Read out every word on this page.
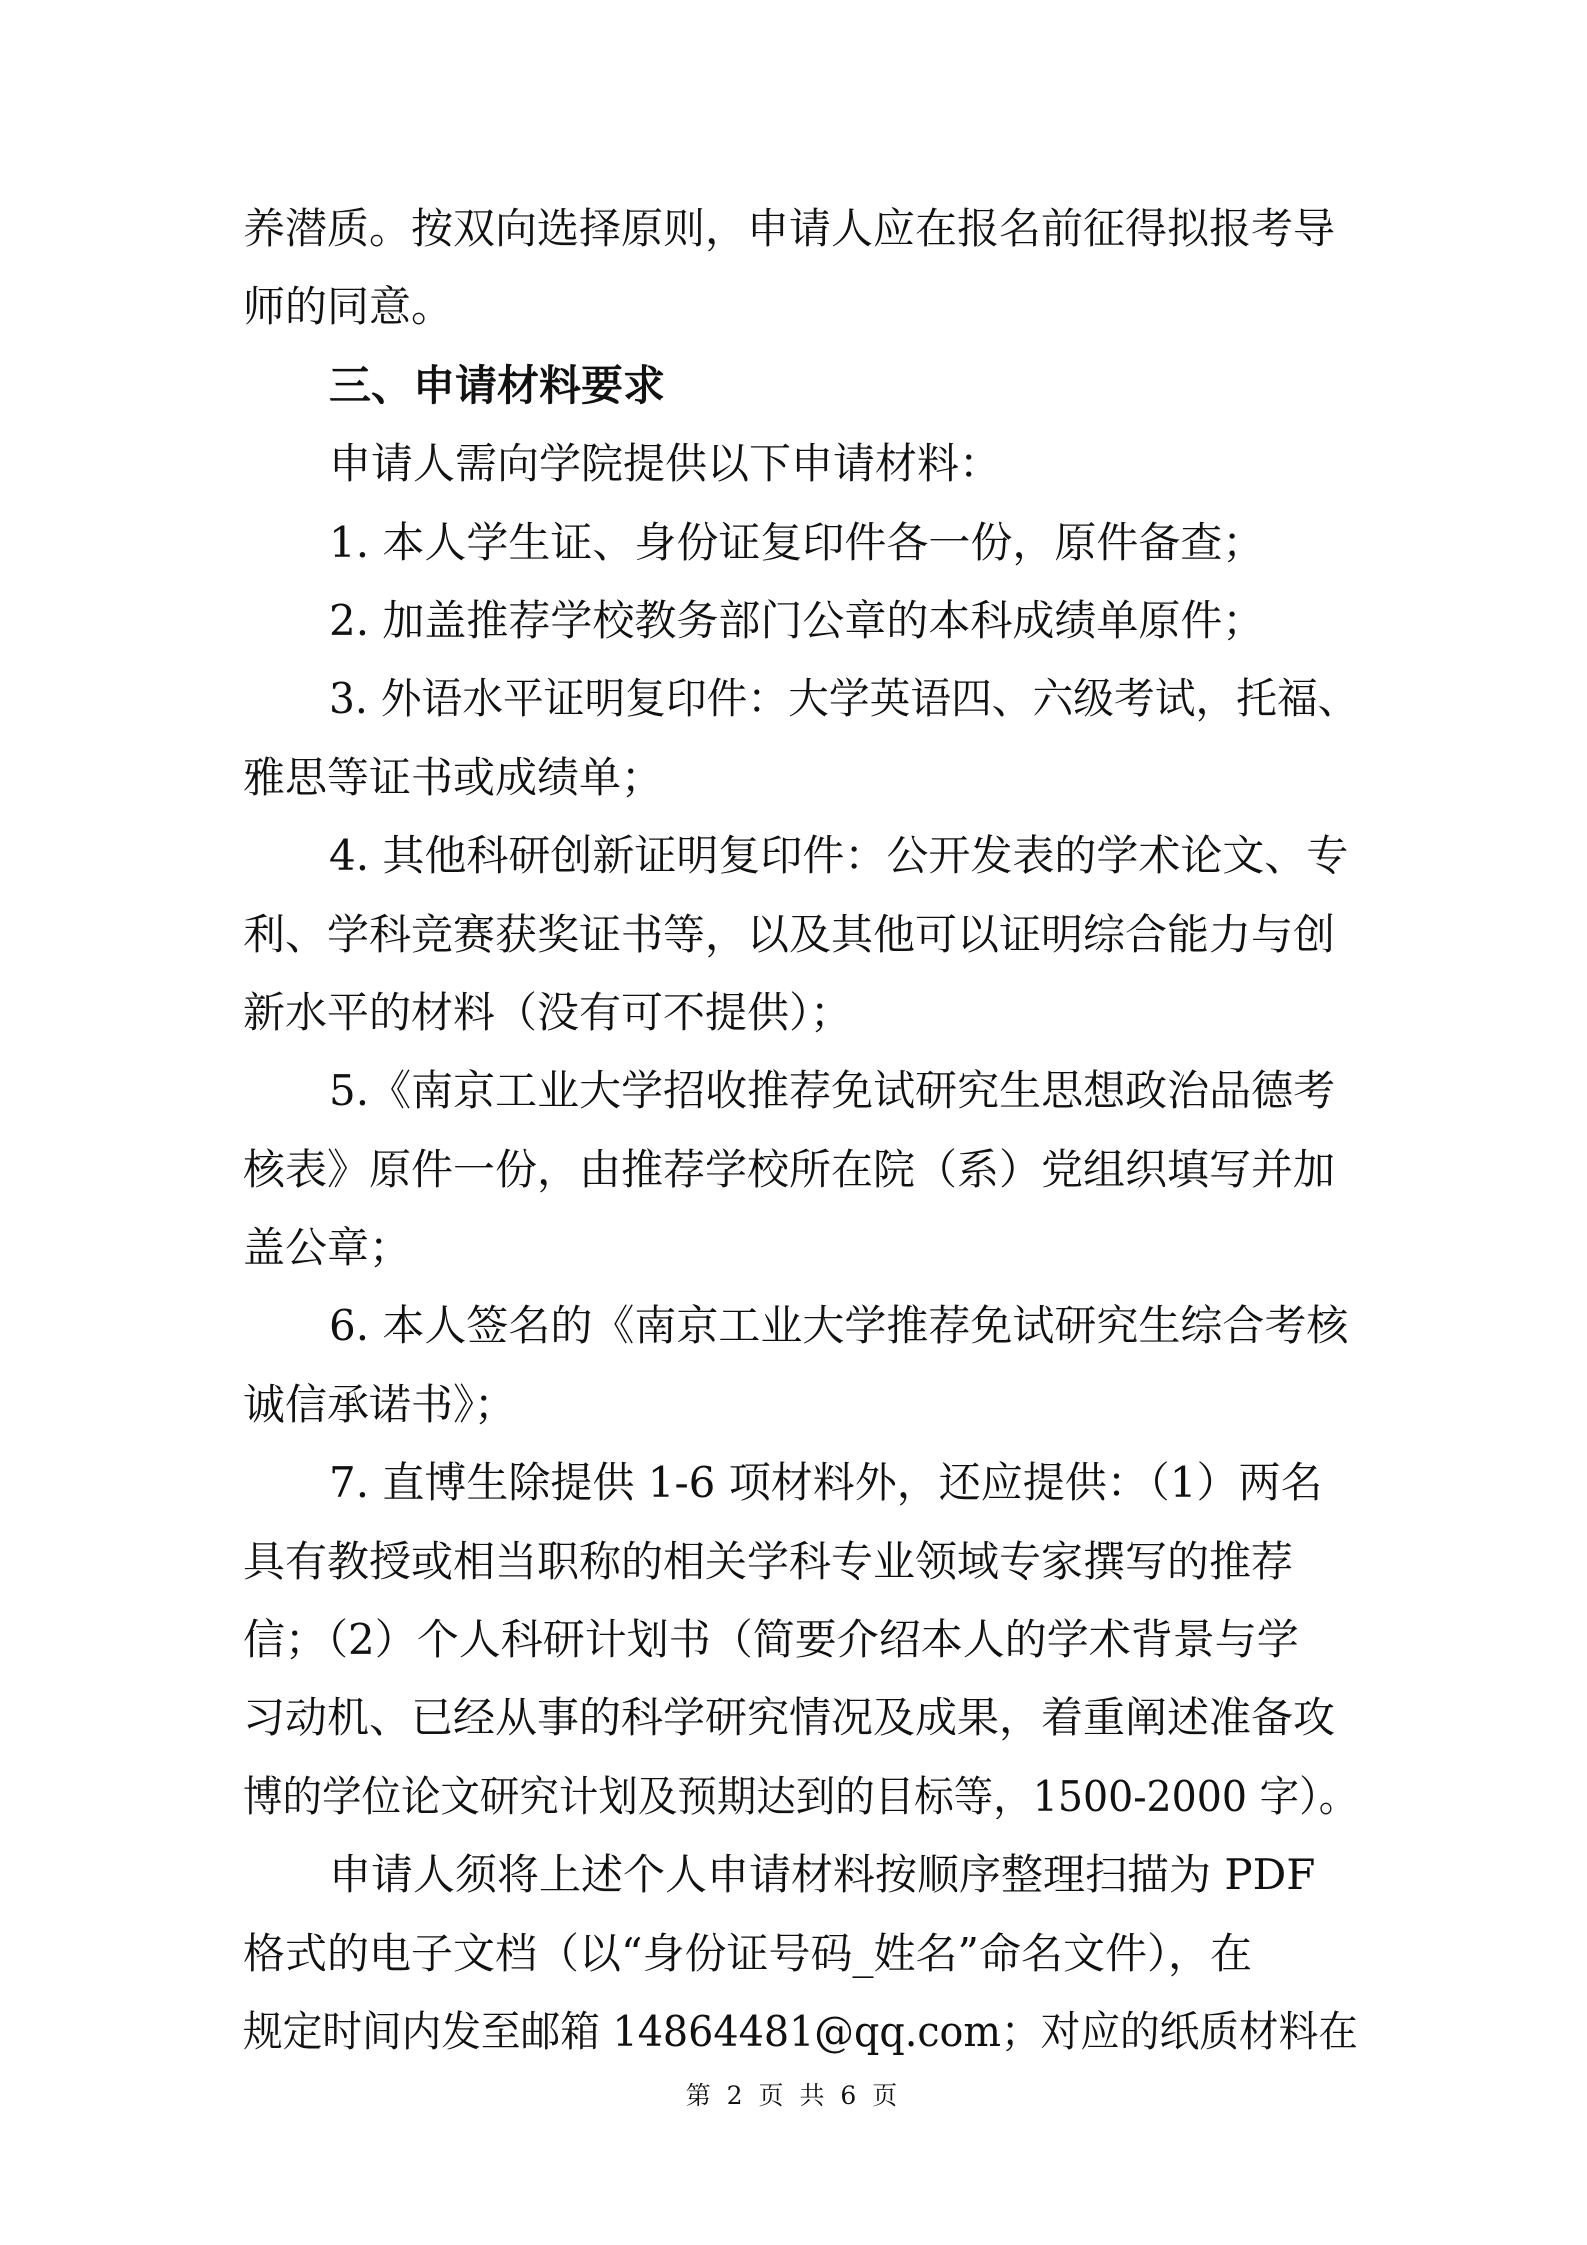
养潜质。按双向选择原则，申请人应在报名前征得拟报考导
师的同意。
三、申请材料要求
申请人需向学院提供以下申请材料：
1. 本人学生证、身份证复印件各一份，原件备查；
2. 加盖推荐学校教务部门公章的本科成绩单原件；
3. 外语水平证明复印件：大学英语四、六级考试，托福、
雅思等证书或成绩单；
4. 其他科研创新证明复印件：公开发表的学术论文、专
利、学科竞赛获奖证书等，以及其他可以证明综合能力与创
新水平的材料（没有可不提供）；
5.《南京工业大学招收推荐免试研究生思想政治品德考
核表》原件一份，由推荐学校所在院（系）党组织填写并加
盖公章；
6. 本人签名的《南京工业大学推荐免试研究生综合考核
诚信承诺书》；
7. 直博生除提供 1-6 项材料外，还应提供：（1）两名
具有教授或相当职称的相关学科专业领域专家撰写的推荐
信；（2）个人科研计划书（简要介绍本人的学术背景与学
习动机、已经从事的科学研究情况及成果，着重阐述准备攻
博的学位论文研究计划及预期达到的目标等，1500-2000 字）。
申请人须将上述个人申请材料按顺序整理扫描为 PDF
格式的电子文档（以“身份证号码_姓名”命名文件），在
规定时间内发至邮箱 14864481@qq.com；对应的纸质材料在
第 2 页 共 6 页
